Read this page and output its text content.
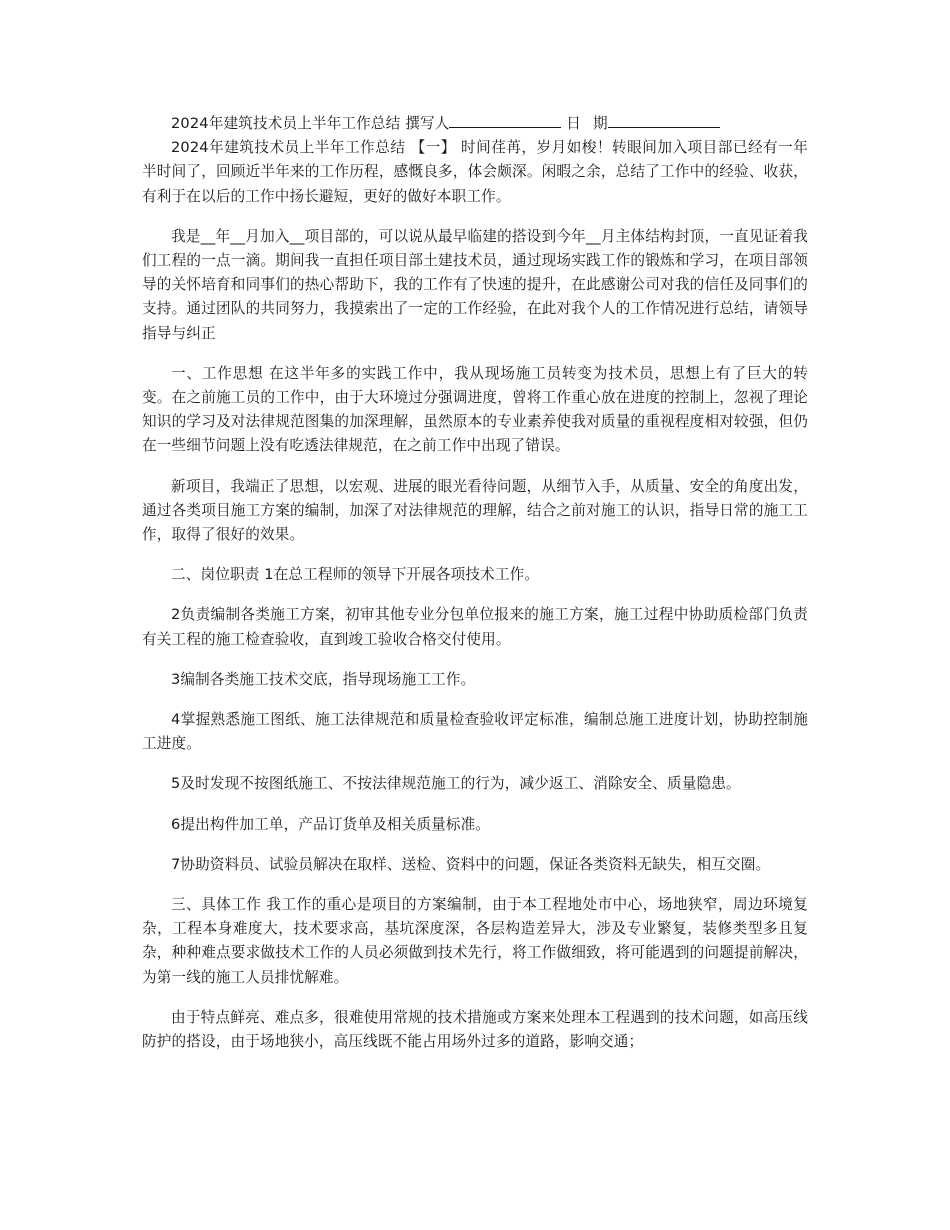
2024年建筑技术员上半年工作总结 撰写人	日 期

2024年建筑技术员上半年工作总结 【一】 时间荏苒，岁月如梭！转眼间加入项目部已经有一年半时间了，回顾近半年来的工作历程，感慨良多，体会颇深。闲暇之余，总结了工作中的经验、收获，有利于在以后的工作中扬长避短，更好的做好本职工作。

我是__年__月加入__项目部的，可以说从最早临建的搭设到今年__月主体结构封顶，一直见证着我们工程的一点一滴。期间我一直担任项目部土建技术员，通过现场实践工作的锻炼和学习，在项目部领导的关怀培育和同事们的热心帮助下，我的工作有了快速的提升，在此感谢公司对我的信任及同事们的支持。通过团队的共同努力，我摸索出了一定的工作经验，在此对我个人的工作情况进行总结，请领导指导与纠正

一、工作思想 在这半年多的实践工作中，我从现场施工员转变为技术员，思想上有了巨大的转变。在之前施工员的工作中，由于大环境过分强调进度，曾将工作重心放在进度的控制上，忽视了理论知识的学习及对法律规范图集的加深理解，虽然原本的专业素养使我对质量的重视程度相对较强，但仍在一些细节问题上没有吃透法律规范，在之前工作中出现了错误。

新项目，我端正了思想，以宏观、进展的眼光看待问题，从细节入手，从质量、安全的角度出发，通过各类项目施工方案的编制，加深了对法律规范的理解，结合之前对施工的认识，指导日常的施工工作，取得了很好的效果。

二、岗位职责 1在总工程师的领导下开展各项技术工作。

2负责编制各类施工方案，初审其他专业分包单位报来的施工方案，施工过程中协助质检部门负责有关工程的施工检查验收，直到竣工验收合格交付使用。

3编制各类施工技术交底，指导现场施工工作。

4掌握熟悉施工图纸、施工法律规范和质量检查验收评定标准，编制总施工进度计划，协助控制施工进度。

5及时发现不按图纸施工、不按法律规范施工的行为，减少返工、消除安全、质量隐患。

6提出构件加工单，产品订货单及相关质量标准。

7协助资料员、试验员解决在取样、送检、资料中的问题，保证各类资料无缺失，相互交圈。

三、具体工作 我工作的重心是项目的方案编制，由于本工程地处市中心，场地狭窄，周边环境复杂，工程本身难度大，技术要求高，基坑深度深，各层构造差异大，涉及专业繁复，装修类型多且复杂，种种难点要求做技术工作的人员必须做到技术先行，将工作做细致，将可能遇到的问题提前解决，为第一线的施工人员排忧解难。

由于特点鲜亮、难点多，很难使用常规的技术措施或方案来处理本工程遇到的技术问题，如高压线防护的搭设，由于场地狭小，高压线既不能占用场外过多的道路，影响交通；
